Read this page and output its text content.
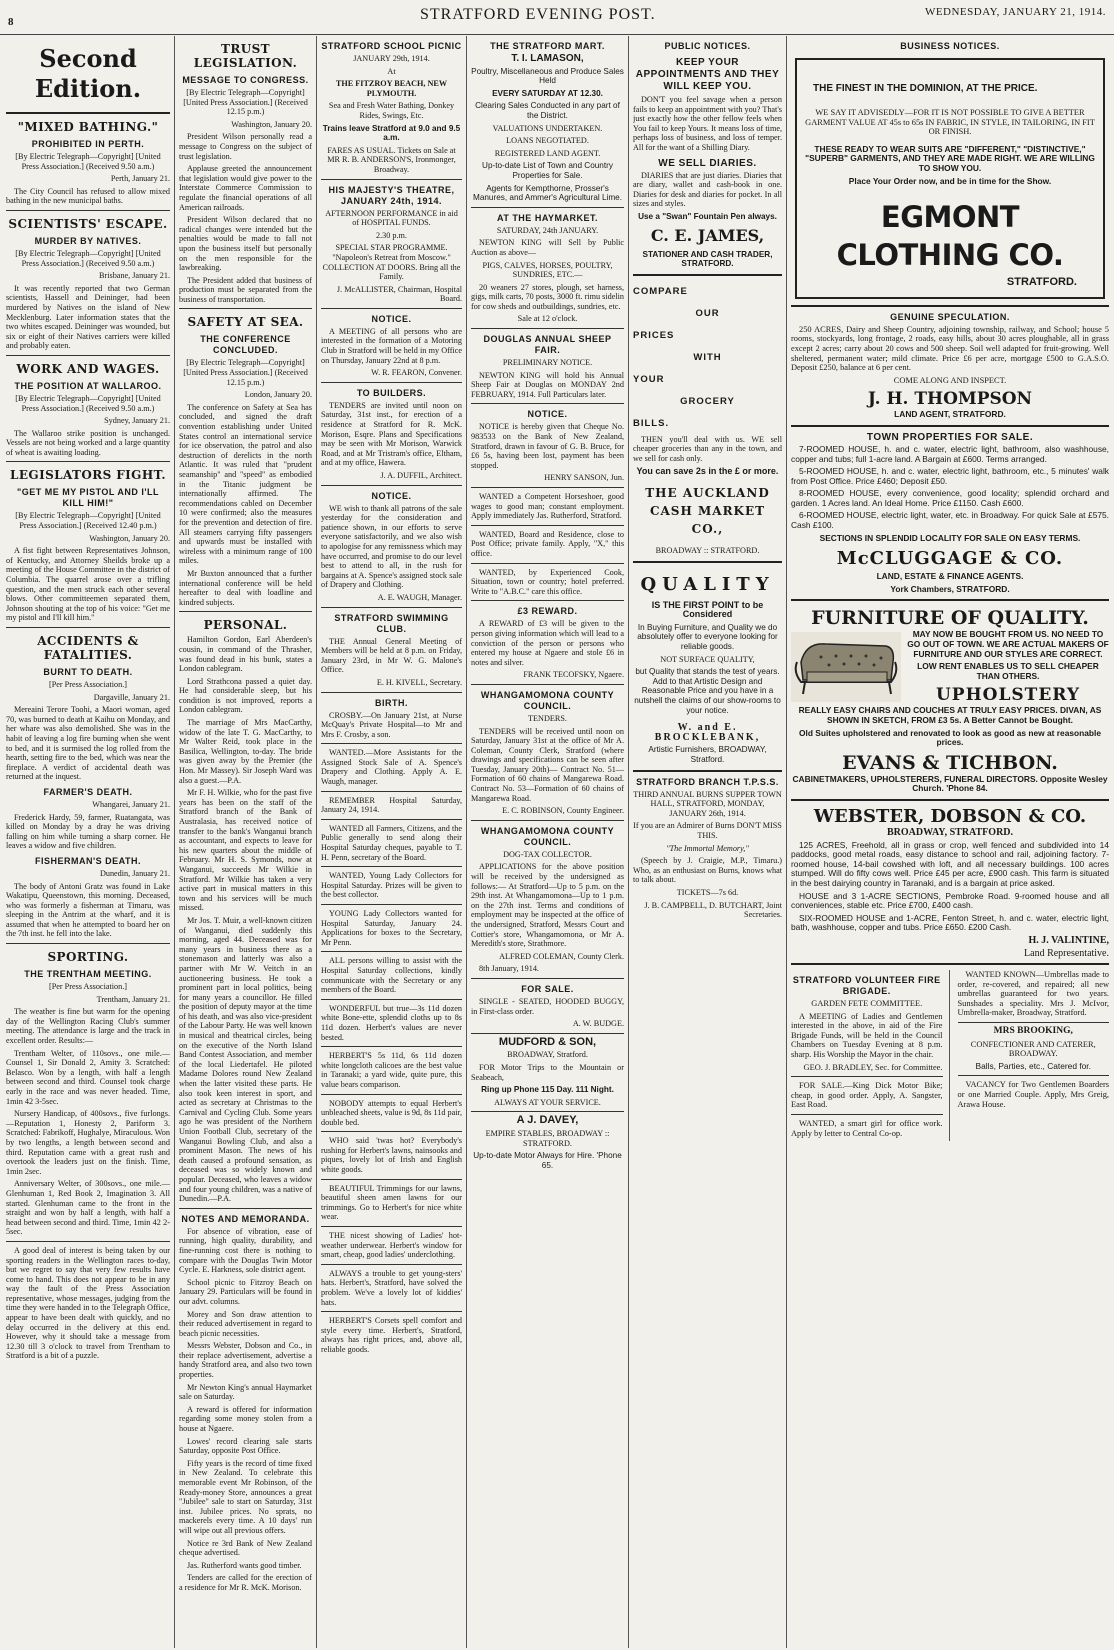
8	STRATFORD EVENING POST.	WEDNESDAY, JANUARY 21, 1914.
Second Edition.
"MIXED BATHING."
PROHIBITED IN PERTH.

[By Electric Telegraph—Copyright] [United Press Association.] (Received 9.50 a.m.)

Perth, January 21.

The City Council has refused to allow mixed bathing in the new municipal baths.

SCIENTISTS' ESCAPE.
MURDER BY NATIVES.

[By Electric Telegraph—Copyright] [United Press Association.] (Received 9.50 a.m.)

Brisbane, January 21.

It was recently reported that two German scientists, Hassell and Deininger, had been murdered by Natives on the island of New Mecklenburg. Later information states that the two whites escaped. Deininger was wounded, but six or eight of their Natives carriers were killed and probably eaten.

WORK AND WAGES.
THE POSITION AT WALLAROO.

[By Electric Telegraph—Copyright] [United Press Association.] (Received 9.50 a.m.)

Sydney, January 21.

The Wallaroo strike position is unchanged. Vessels are not being worked and a large quantity of wheat is awaiting loading.

LEGISLATORS FIGHT.
"GET ME MY PISTOL AND I'LL KILL HIM!"

[By Electric Telegraph—Copyright] [United Press Association.] (Received 12.40 p.m.)

Washington, January 20.

A fist fight between Representatives Johnson, of Kentucky, and Attorney Sheilds broke up a meeting of the House Committee in the district of Columbia. The quarrel arose over a trifling question, and the men struck each other several blows. Other committeemen separated them, Johnson shouting at the top of his voice: "Get me my pistol and I'll kill him."

ACCIDENTS & FATALITIES.
BURNT TO DEATH.

[Per Press Association.]

Dargaville, January 21.

Mereaini Terore Toohi, a Maori woman, aged 70, was burned to death at Kaihu on Monday, and her whare was also demolished. She was in the habit of leaving a log fire burning when she went to bed, and it is surmised the log rolled from the hearth, setting fire to the bed, which was near the fireplace. A verdict of accidental death was returned at the inquest.

FARMER'S DEATH.

Whangarei, January 21.

Frederick Hardy, 59, farmer, Ruatangata, was killed on Monday by a dray he was driving falling on him while turning a sharp corner. He leaves a widow and five children.

FISHERMAN'S DEATH.

Dunedin, January 21.

The body of Antoni Gratz was found in Lake Wakatipu, Queenstown, this morning. Deceased, who was formerly a fisherman at Timaru, was sleeping in the Antrim at the wharf, and it is assumed that when he attempted to board her on the 7th inst. he fell into the lake.

SPORTING.
THE TRENTHAM MEETING.

[Per Press Association.]

Trentham, January 21.

The weather is fine but warm for the opening day of the Wellington Racing Club's summer meeting. The attendance is large and the track in excellent order. Results:—

Trentham Welter, of 110sovs., one mile.—Counsel 1, Sir Donald 2, Amity 3. Scratched: Belasco. Won by a length, with half a length between second and third. Counsel took charge early in the race and was never headed. Time, 1min 42 3-5sec.

Nursery Handicap, of 400sovs., five furlongs.—Reputation 1, Honesty 2, Pariform 3. Scratched: Fabrikoff, Hughalye, Miraculous. Won by two lengths, a length between second and third. Reputation came with a great rush and overtook the leaders just on the finish. Time, 1min 2sec.

Anniversary Welter, of 300sovs., one mile.—Glenhuman 1, Red Book 2, Imagination 3. All started. Glenhuman came to the front in the straight and won by half a length, with half a head between second and third. Time, 1min 42 2-5sec.

A good deal of interest is being taken by our sporting readers in the Wellington races to-day, but we regret to say that very few results have come to hand. This does not appear to be in any way the fault of the Press Association representative, whose messages, judging from the time they were handed in to the Telegraph Office, appear to have been dealt with quickly, and no delay occurred in the delivery at this end. However, why it should take a message from 12.30 till 3 o'clock to travel from Trentham to Stratford is a bit of a puzzle.

TRUST LEGISLATION.
MESSAGE TO CONGRESS.

[By Electric Telegraph—Copyright] [United Press Association.] (Received 12.15 p.m.)

Washington, January 20.

President Wilson personally read a message to Congress on the subject of trust legislation.

Applause greeted the announcement that legislation would give power to the Interstate Commerce Commission to regulate the financial operations of all American railroads.

President Wilson declared that no radical changes were intended but the penalties would be made to fall not upon the business itself but personally on the men responsible for the lawbreaking.

The President added that business of production must be separated from the business of transportation.

SAFETY AT SEA.
THE CONFERENCE CONCLUDED.

[By Electric Telegraph—Copyright] [United Press Association.] (Received 12.15 p.m.)

London, January 20.

The conference on Safety at Sea has concluded, and signed the draft convention establishing under United States control an international service for ice observation, the patrol and also destruction of derelicts in the north Atlantic. It was ruled that "prudent seamanship" and "speed" as embodied in the Titanic judgment be internationally affirmed. The recommendations cabled on December 10 were confirmed; also the measures for the prevention and detection of fire. All steamers carrying fifty passengers and upwards must be installed with wireless with a minimum range of 100 miles.

Mr Buxton announced that a further international conference will be held hereafter to deal with loadline and kindred subjects.

PERSONAL.

Hamilton Gordon, Earl Aberdeen's cousin, in command of the Thrasher, was found dead in his bunk, states a London cablegram.

Lord Strathcona passed a quiet day. He had considerable sleep, but his condition is not improved, reports a London cablegram.

The marriage of Mrs MacCarthy, widow of the late T. G. MacCarthy, to Mr Walter Reid, took place in the Basilica, Wellington, to-day. The bride was given away by the Premier (the Hon. Mr Massey). Sir Joseph Ward was also a guest.—P.A.

Mr F. H. Wilkie, who for the past five years has been on the staff of the Stratford branch of the Bank of Australasia, has received notice of transfer to the bank's Wanganui branch as accountant, and expects to leave for his new quarters about the middle of February. Mr H. S. Symonds, now at Wanganui, succeeds Mr Wilkie in Stratford. Mr Wilkie has taken a very active part in musical matters in this town and his services will be much missed.

Mr Jos. T. Muir, a well-known citizen of Wanganui, died suddenly this morning, aged 44. Deceased was for many years in business there as a stonemason and latterly was also a partner with Mr W. Veitch in an auctioneering business. He took a prominent part in local politics, being for many years a councillor. He filled the position of deputy mayor at the time of his death, and was also vice-president of the Labour Party. He was well known in musical and theatrical circles, being on the executive of the North Island Band Contest Association, and member of the local Liedertafel. He piloted Madame Dolores round New Zealand when the latter visited these parts. He also took keen interest in sport, and acted as secretary at Christmas to the Carnival and Cycling Club. Some years ago he was president of the Northern Union Football Club, secretary of the Wanganui Bowling Club, and also a prominent Mason. The news of his death caused a profound sensation, as deceased was so widely known and popular. Deceased, who leaves a widow and four young children, was a native of Dunedin.—P.A.

NOTES AND MEMORANDA.

For absence of vibration, ease of running, high quality, durability, and fine-running cost there is nothing to compare with the Douglas Twin Motor Cycle. E. Harkness, sole district agent.

School picnic to Fitzroy Beach on January 29. Particulars will be found in our advt. columns.

Morey and Son draw attention to their reduced advertisement in regard to beach picnic necessities.

Messrs Webster, Dobson and Co., in their replace advertisement, advertise a handy Stratford area, and also two town properties.

Mr Newton King's annual Haymarket sale on Saturday.

A reward is offered for information regarding some money stolen from a house at Ngaere.

Lowes' record clearing sale starts Saturday, opposite Post Office.

Fifty years is the record of time fixed in New Zealand. To celebrate this memorable event Mr Robinson, of the Ready-money Store, announces a great "Jubilee" sale to start on Saturday, 31st inst. Jubilee prices. No sprats, no mackerels every time. A 10 days' run will wipe out all previous offers.

Notice re 3rd Bank of New Zealand cheque advertised.

Jas. Rutherford wants good timber.

Tenders are called for the erection of a residence for Mr R. McK. Morison.

STRATFORD SCHOOL PICNIC

JANUARY 29th, 1914.

At

THE FITZROY BEACH, NEW PLYMOUTH.

Sea and Fresh Water Bathing, Donkey Rides, Swings, Etc.

Trains leave Stratford at 9.0 and 9.5 a.m.

FARES AS USUAL. Tickets on Sale at MR R. B. ANDERSON'S, Ironmonger, Broadway.

HIS MAJESTY'S THEATRE, JANUARY 24th, 1914.

AFTERNOON PERFORMANCE in aid of HOSPITAL FUNDS.

2.30 p.m.

SPECIAL STAR PROGRAMME. "Napoleon's Retreat from Moscow." COLLECTION AT DOORS. Bring all the Family.

J. McALLISTER, Chairman, Hospital Board.

NOTICE.

A MEETING of all persons who are interested in the formation of a Motoring Club in Stratford will be held in my Office on Thursday, January 22nd at 8 p.m.

W. R. FEARON, Convener.

TO BUILDERS.

TENDERS are invited until noon on Saturday, 31st inst., for erection of a residence at Stratford for R. McK. Morison, Esqre. Plans and Specifications may be seen with Mr Morison, Warwick Road, and at Mr Tristram's office, Eltham, and at my office, Hawera.

J. A. DUFFIL, Architect.

NOTICE.

WE wish to thank all patrons of the sale yesterday for the consideration and patience shown, in our efforts to serve everyone satisfactorily, and we also wish to apologise for any remissness which may have occurred, and promise to do our level best to attend to all, in the rush for bargains at A. Spence's assigned stock sale of Drapery and Clothing.

A. E. WAUGH, Manager.

STRATFORD SWIMMING CLUB.

THE Annual General Meeting of Members will be held at 8 p.m. on Friday, January 23rd, in Mr W. G. Malone's Office.

E. H. KIVELL, Secretary.

BIRTH.

CROSBY.—On January 21st, at Nurse McQuay's Private Hospital—to Mr and Mrs F. Crosby, a son.

WANTED.—More Assistants for the Assigned Stock Sale of A. Spence's Drapery and Clothing. Apply A. E. Waugh, manager.

REMEMBER Hospital Saturday, January 24, 1914.

WANTED all Farmers, Citizens, and the Public generally to send along their Hospital Saturday cheques, payable to T. H. Penn, secretary of the Board.

WANTED, Young Lady Collectors for Hospital Saturday. Prizes will be given to the best collector.

YOUNG Lady Collectors wanted for Hospital Saturday, January 24. Applications for boxes to the Secretary, Mr Penn.

ALL persons willing to assist with the Hospital Saturday collections, kindly communicate with the Secretary or any members of the Board.

WONDERFUL but true—3s 11d dozen white Bone-ette, splendid cloths up to 8s 11d dozen. Herbert's values are never bested.

HERBERT'S 5s 11d, 6s 11d dozen white longcloth calicoes are the best value in Taranaki; a yard wide, quite pure, this value bears comparison.

NOBODY attempts to equal Herbert's unbleached sheets, value is 9d, 8s 11d pair, double bed.

WHO said 'twas hot? Everybody's rushing for Herbert's lawns, nainsooks and piques, lovely lot of Irish and English white goods.

BEAUTIFUL Trimmings for our lawns, beautiful sheen amen lawns for our trimmings. Go to Herbert's for nice white wear.

THE nicest showing of Ladies' hot-weather underwear. Herbert's window for smart, cheap, good ladies' underclothing.

ALWAYS a trouble to get young-sters' hats. Herbert's, Stratford, have solved the problem. We've a lovely lot of kiddies' hats.

HERBERT'S Corsets spell comfort and style every time. Herbert's, Stratford, always has right prices, and, above all, reliable goods.

THE STRATFORD MART.

T. I. LAMASON,

Poultry, Miscellaneous and Produce Sales Held

EVERY SATURDAY AT 12.30.

Clearing Sales Conducted in any part of the District.

VALUATIONS UNDERTAKEN.

LOANS NEGOTIATED.

REGISTERED LAND AGENT.

Up-to-date List of Town and Country Properties for Sale.

Agents for Kempthorne, Prosser's Manures, and Ammer's Agricultural Lime.

AT THE HAYMARKET.

SATURDAY, 24th JANUARY.

NEWTON KING will Sell by Public Auction as above—

PIGS, CALVES, HORSES, POULTRY, SUNDRIES, ETC.—

20 weaners 27 stores, plough, set harness, gigs, milk carts, 70 posts, 3000 ft. rimu sidelin for cow sheds and outbuildings, sundries, etc.

Sale at 12 o'clock.

DOUGLAS ANNUAL SHEEP FAIR.

PRELIMINARY NOTICE.

NEWTON KING will hold his Annual Sheep Fair at Douglas on MONDAY 2nd FEBRUARY, 1914. Full Particulars later.

NOTICE.

NOTICE is hereby given that Cheque No. 983533 on the Bank of New Zealand, Stratford, drawn in favour of G. B. Bruce, for £6 5s, having been lost, payment has been stopped.

HENRY SANSON, Jun.

WANTED a Competent Horseshoer, good wages to good man; constant employment. Apply immediately Jas. Rutherford, Stratford.

WANTED, Board and Residence, close to Post Office; private family. Apply, "X," this office.

WANTED, by Experienced Cook, Situation, town or country; hotel preferred. Write to "A.B.C." care this office.

£3 REWARD.

A REWARD of £3 will be given to the person giving information which will lead to a conviction of the person or persons who entered my house at Ngaere and stole £6 in notes and silver.

FRANK TECOFSKY, Ngaere.

WHANGAMOMONA COUNTY COUNCIL.

TENDERS.

TENDERS will be received until noon on Saturday, January 31st at the office of Mr A. Coleman, County Clerk, Stratford (where drawings and specifications can be seen after Tuesday, January 20th)— Contract No. 51—Formation of 60 chains of Mangarewa Road. Contract No. 53—Formation of 60 chains of Mangarewa Road.

E. C. ROBINSON, County Engineer.

WHANGAMOMONA COUNTY COUNCIL.

DOG-TAX COLLECTOR.

APPLICATIONS for the above position will be received by the undersigned as follows:— At Stratford—Up to 5 p.m. on the 29th inst. At Whangamomona—Up to 1 p.m. on the 27th inst. Terms and conditions of employment may be inspected at the office of the undersigned, Stratford, Messrs Court and Cottier's store, Whangamomona, or Mr A. Meredith's store, Strathmore.

ALFRED COLEMAN, County Clerk.

8th January, 1914.

FOR SALE.

SINGLE - SEATED, HOODED BUGGY, in First-class order.

A. W. BUDGE.

MUDFORD & SON,

BROADWAY, Stratford.

FOR Motor Trips to the Mountain or Seabeach,

Ring up Phone 115 Day. 111 Night.

ALWAYS AT YOUR SERVICE.

A J. DAVEY,

EMPIRE STABLES, BROADWAY :: STRATFORD.

Up-to-date Motor Always for Hire. 'Phone 65.

PUBLIC NOTICES.
KEEP YOUR APPOINTMENTS AND THEY WILL KEEP YOU.

DON'T you feel savage when a person fails to keep an appointment with you? That's just exactly how the other fellow feels when You fail to keep Yours. It means loss of time, perhaps loss of business, and loss of temper. All for the want of a Shilling Diary.

WE SELL DIARIES.

DIARIES that are just diaries. Diaries that are diary, wallet and cash-book in one. Diaries for desk and diaries for pocket. In all sizes and styles.

Use a "Swan" Fountain Pen always.

C. E. JAMES,

STATIONER AND CASH TRADER, STRATFORD.

COMPARE
OUR
PRICES
WITH
YOUR
GROCERY
BILLS.

THEN you'll deal with us. WE sell cheaper groceries than any in the town, and we sell for cash only.

You can save 2s in the £ or more.

THE AUCKLAND CASH MARKET CO.,

BROADWAY :: STRATFORD.

QUALITY

IS THE FIRST POINT to be Considered

In Buying Furniture, and Quality we do absolutely offer to everyone looking for reliable goods.

NOT SURFACE QUALITY,

but Quality that stands the test of years. Add to that Artistic Design and Reasonable Price and you have in a nutshell the claims of our show-rooms to your notice.

W. and E. BROCKLEBANK,

Artistic Furnishers, BROADWAY, Stratford.

STRATFORD BRANCH T.P.S.S.

THIRD ANNUAL BURNS SUPPER TOWN HALL, STRATFORD, MONDAY, JANUARY 26th, 1914.

If you are an Admirer of Burns DON'T MISS THIS.

"The Immortal Memory,"

(Speech by J. Craigie, M.P., Timaru.) Who, as an enthusiast on Burns, knows what to talk about.

TICKETS—7s 6d.

J. B. CAMPBELL, D. BUTCHART, Joint Secretaries.

BUSINESS NOTICES.

THE FINEST IN THE DOMINION, AT THE PRICE.

WE SAY IT ADVISEDLY—FOR IT IS NOT POSSIBLE TO GIVE A BETTER GARMENT VALUE AT 45s to 65s IN FABRIC, IN STYLE, IN TAILORING, IN FIT OR FINISH.

THESE READY TO WEAR SUITS ARE "DIFFERENT," "DISTINCTIVE," "SUPERB" GARMENTS, AND THEY ARE MADE RIGHT. WE ARE WILLING TO SHOW YOU.

Place Your Order now, and be in time for the Show.

EGMONT CLOTHING CO.

STRATFORD.

GENUINE SPECULATION.

250 ACRES, Dairy and Sheep Country, adjoining township, railway, and School; house 5 rooms, stockyards, long frontage, 2 roads, easy hills, about 30 acres ploughable, all in grass except 2 acres; carry about 20 cows and 500 sheep. Soil well adapted for fruit-growing. Well sheltered, permanent water; mild climate. Price £6 per acre, mortgage £500 to G.A.S.O. Deposit £250, balance at 6 per cent.

COME ALONG AND INSPECT.

J. H. THOMPSON

LAND AGENT, STRATFORD.

TOWN PROPERTIES FOR SALE.

7-ROOMED HOUSE, h. and c. water, electric light, bathroom, also washhouse, copper and tubs; full 1-acre land. A Bargain at £600. Terms arranged.

5-ROOMED HOUSE, h. and c. water, electric light, bathroom, etc., 5 minutes' walk from Post Office. Price £460; Deposit £50.

8-ROOMED HOUSE, every convenience, good locality; splendid orchard and garden. 1 Acres land. An Ideal Home. Price £1150. Cash £600.

6-ROOMED HOUSE, electric light, water, etc. in Broadway. For quick Sale at £575. Cash £100.

SECTIONS IN SPLENDID LOCALITY FOR SALE ON EASY TERMS.

McCLUGGAGE & CO.

LAND, ESTATE & FINANCE AGENTS.

York Chambers, STRATFORD.

FURNITURE OF QUALITY.

MAY NOW BE BOUGHT FROM US. NO NEED TO GO OUT OF TOWN. WE ARE ACTUAL MAKERS OF FURNITURE AND OUR STYLES ARE CORRECT.

LOW RENT ENABLES US TO SELL CHEAPER THAN OTHERS.

UPHOLSTERY

REALLY EASY CHAIRS AND COUCHES AT TRULY EASY PRICES. DIVAN, AS SHOWN IN SKETCH, FROM £3 5s. A Better Cannot be Bought.

Old Suites upholstered and renovated to look as good as new at reasonable prices.

EVANS & TICHBON.

CABINETMAKERS, UPHOLSTERERS, FUNERAL DIRECTORS. Opposite Wesley Church. 'Phone 84.

WEBSTER, DOBSON & CO.

BROADWAY, STRATFORD.

125 ACRES, Freehold, all in grass or crop, well fenced and subdivided into 14 paddocks, good metal roads, easy distance to school and rail, adjoining factory. 7-roomed house, 14-bail cowshed with loft, and all necessary buildings. 100 acres stumped. Will do fifty cows well. Price £45 per acre, £900 cash. This farm is situated in the best dairying country in Taranaki, and is a bargain at price asked.

HOUSE and 3 1-ACRE SECTIONS, Pembroke Road. 9-roomed house and all conveniences, stable etc. Price £700, £400 cash.

SIX-ROOMED HOUSE and 1-ACRE, Fenton Street, h. and c. water, electric light, bath, washhouse, copper and tubs. Price £650. £200 Cash.

H. J. VALINTINE,

Land Representative.

STRATFORD VOLUNTEER FIRE BRIGADE.

GARDEN FETE COMMITTEE.

A MEETING of Ladies and Gentlemen interested in the above, in aid of the Fire Brigade Funds, will be held in the Council Chambers on Tuesday Evening at 8 p.m. sharp. His Worship the Mayor in the chair.

GEO. J. BRADLEY, Sec. for Committee.

FOR SALE.—King Dick Motor Bike; cheap, in good order. Apply, A. Sangster, East Road.

WANTED, a smart girl for office work. Apply by letter to Central Co-op.

WANTED KNOWN—Umbrellas made to order, re-covered, and repaired; all new umbrellas guaranteed for two years. Sunshades a speciality. Mrs J. McIvor, Umbrella-maker, Broadway, Stratford.

MRS BROOKING,

CONFECTIONER AND CATERER, BROADWAY.

Balls, Parties, etc., Catered for.

VACANCY for Two Gentlemen Boarders or one Married Couple. Apply, Mrs Greig, Arawa House.
